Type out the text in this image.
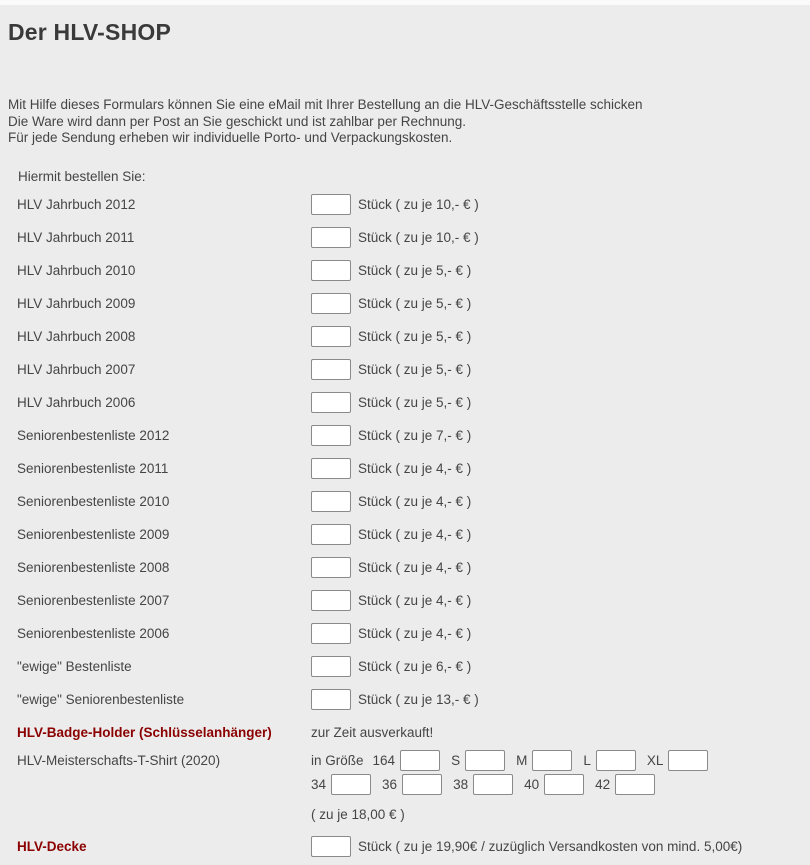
Der HLV-SHOP
Mit Hilfe dieses Formulars können Sie eine eMail mit Ihrer Bestellung an die HLV-Geschäftsstelle schicken
Die Ware wird dann per Post an Sie geschickt und ist zahlbar per Rechnung.
Für jede Sendung erheben wir individuelle Porto- und Verpackungskosten.
Hiermit bestellen Sie:
HLV Jahrbuch 2012	Stück ( zu je 10,- € )
HLV Jahrbuch 2011	Stück ( zu je 10,- € )
HLV Jahrbuch 2010	Stück ( zu je 5,- € )
HLV Jahrbuch 2009	Stück ( zu je 5,- € )
HLV Jahrbuch 2008	Stück ( zu je 5,- € )
HLV Jahrbuch 2007	Stück ( zu je 5,- € )
HLV Jahrbuch 2006	Stück ( zu je 5,- € )
Seniorenbestenliste 2012	Stück ( zu je 7,- € )
Seniorenbestenliste 2011	Stück ( zu je 4,- € )
Seniorenbestenliste 2010	Stück ( zu je 4,- € )
Seniorenbestenliste 2009	Stück ( zu je 4,- € )
Seniorenbestenliste 2008	Stück ( zu je 4,- € )
Seniorenbestenliste 2007	Stück ( zu je 4,- € )
Seniorenbestenliste 2006	Stück ( zu je 4,- € )
"ewige" Bestenliste	Stück ( zu je 6,- € )
"ewige" Seniorenbestenliste	Stück ( zu je 13,- € )
HLV-Badge-Holder (Schlüsselanhänger)	zur Zeit ausverkauft!
HLV-Meisterschafts-T-Shirt (2020)	in Größe 164	S	M	L	XL
34	36	38	40	42
( zu je 18,00 € )
HLV-Decke	Stück ( zu je 19,90€ / zuzüglich Versandkosten von mind. 5,00€)
